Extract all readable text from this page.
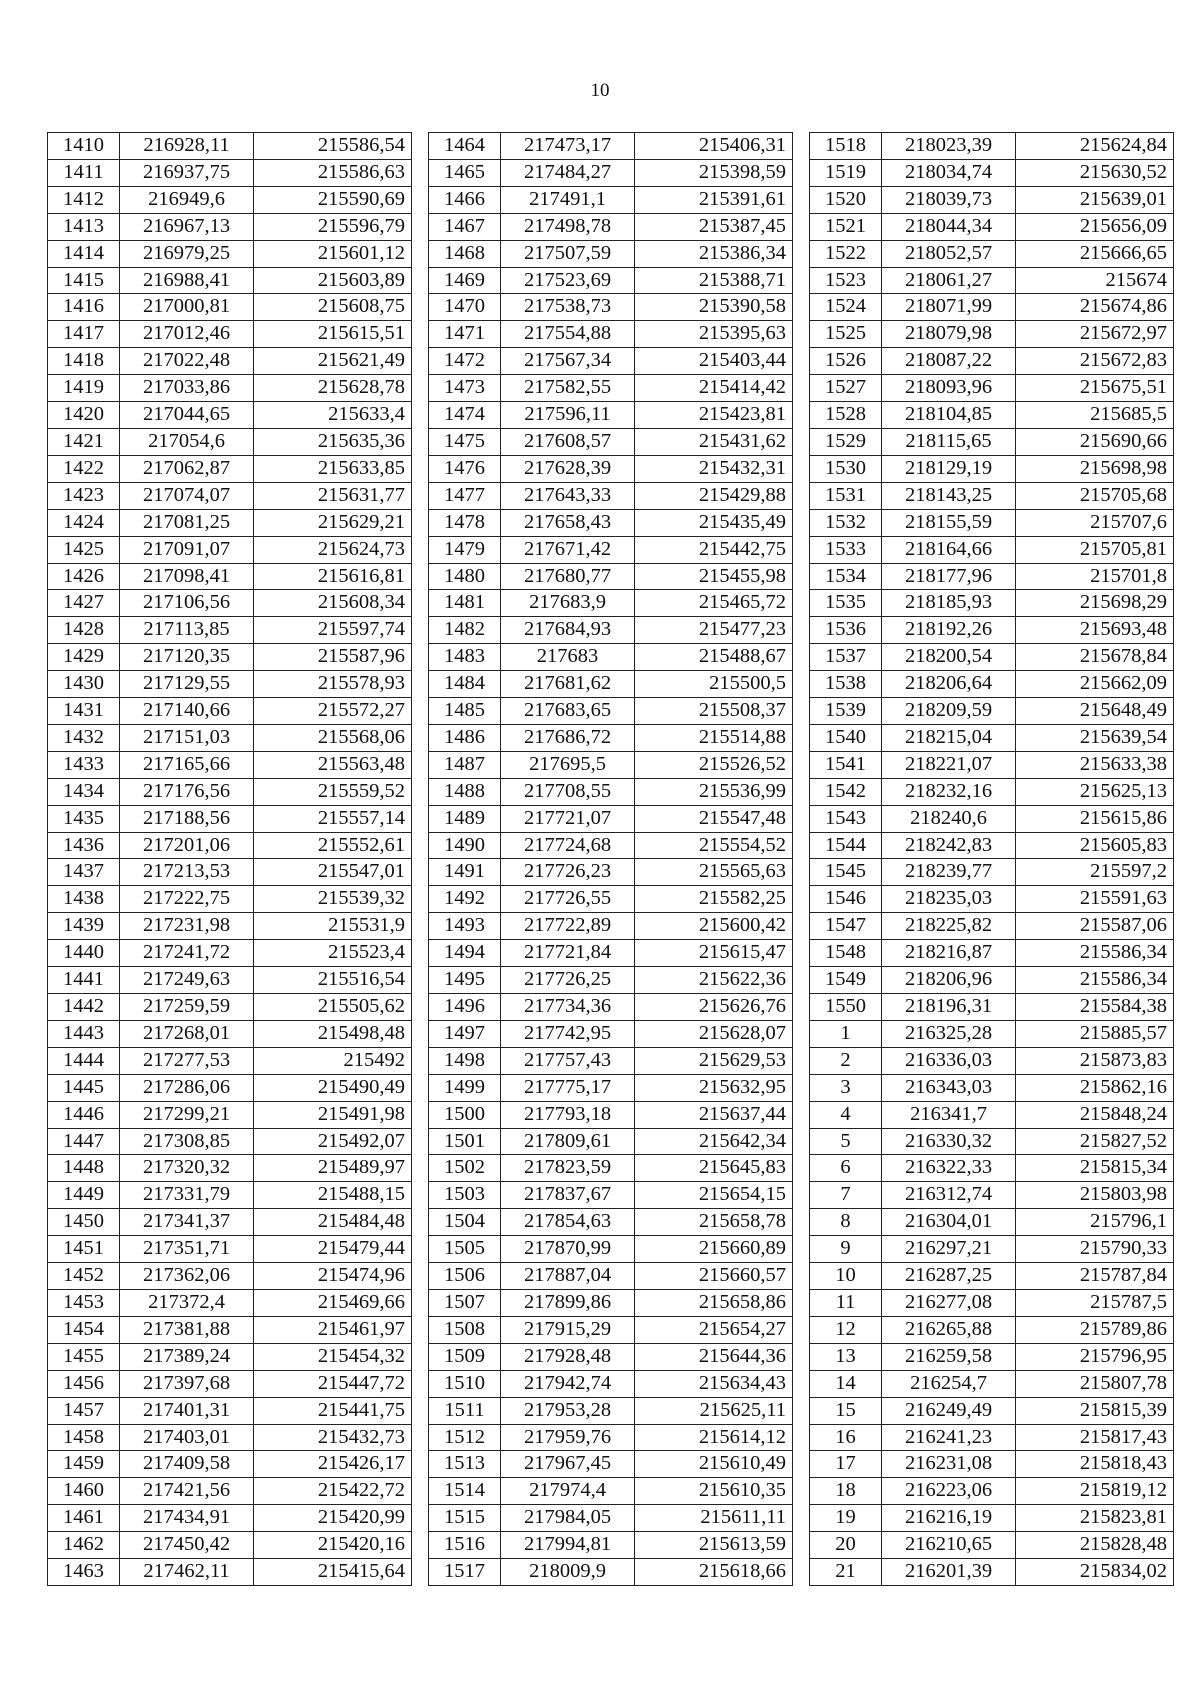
10
1410	216928,11	215586,54
1411	216937,75	215586,63
1412	216949,6	215590,69
1413	216967,13	215596,79
1414	216979,25	215601,12
1415	216988,41	215603,89
1416	217000,81	215608,75
1417	217012,46	215615,51
1418	217022,48	215621,49
1419	217033,86	215628,78
1420	217044,65	215633,4
1421	217054,6	215635,36
1422	217062,87	215633,85
1423	217074,07	215631,77
1424	217081,25	215629,21
1425	217091,07	215624,73
1426	217098,41	215616,81
1427	217106,56	215608,34
1428	217113,85	215597,74
1429	217120,35	215587,96
1430	217129,55	215578,93
1431	217140,66	215572,27
1432	217151,03	215568,06
1433	217165,66	215563,48
1434	217176,56	215559,52
1435	217188,56	215557,14
1436	217201,06	215552,61
1437	217213,53	215547,01
1438	217222,75	215539,32
1439	217231,98	215531,9
1440	217241,72	215523,4
1441	217249,63	215516,54
1442	217259,59	215505,62
1443	217268,01	215498,48
1444	217277,53	215492
1445	217286,06	215490,49
1446	217299,21	215491,98
1447	217308,85	215492,07
1448	217320,32	215489,97
1449	217331,79	215488,15
1450	217341,37	215484,48
1451	217351,71	215479,44
1452	217362,06	215474,96
1453	217372,4	215469,66
1454	217381,88	215461,97
1455	217389,24	215454,32
1456	217397,68	215447,72
1457	217401,31	215441,75
1458	217403,01	215432,73
1459	217409,58	215426,17
1460	217421,56	215422,72
1461	217434,91	215420,99
1462	217450,42	215420,16
1463	217462,11	215415,64
1464	217473,17	215406,31
1465	217484,27	215398,59
1466	217491,1	215391,61
1467	217498,78	215387,45
1468	217507,59	215386,34
1469	217523,69	215388,71
1470	217538,73	215390,58
1471	217554,88	215395,63
1472	217567,34	215403,44
1473	217582,55	215414,42
1474	217596,11	215423,81
1475	217608,57	215431,62
1476	217628,39	215432,31
1477	217643,33	215429,88
1478	217658,43	215435,49
1479	217671,42	215442,75
1480	217680,77	215455,98
1481	217683,9	215465,72
1482	217684,93	215477,23
1483	217683	215488,67
1484	217681,62	215500,5
1485	217683,65	215508,37
1486	217686,72	215514,88
1487	217695,5	215526,52
1488	217708,55	215536,99
1489	217721,07	215547,48
1490	217724,68	215554,52
1491	217726,23	215565,63
1492	217726,55	215582,25
1493	217722,89	215600,42
1494	217721,84	215615,47
1495	217726,25	215622,36
1496	217734,36	215626,76
1497	217742,95	215628,07
1498	217757,43	215629,53
1499	217775,17	215632,95
1500	217793,18	215637,44
1501	217809,61	215642,34
1502	217823,59	215645,83
1503	217837,67	215654,15
1504	217854,63	215658,78
1505	217870,99	215660,89
1506	217887,04	215660,57
1507	217899,86	215658,86
1508	217915,29	215654,27
1509	217928,48	215644,36
1510	217942,74	215634,43
1511	217953,28	215625,11
1512	217959,76	215614,12
1513	217967,45	215610,49
1514	217974,4	215610,35
1515	217984,05	215611,11
1516	217994,81	215613,59
1517	218009,9	215618,66
1518	218023,39	215624,84
1519	218034,74	215630,52
1520	218039,73	215639,01
1521	218044,34	215656,09
1522	218052,57	215666,65
1523	218061,27	215674
1524	218071,99	215674,86
1525	218079,98	215672,97
1526	218087,22	215672,83
1527	218093,96	215675,51
1528	218104,85	215685,5
1529	218115,65	215690,66
1530	218129,19	215698,98
1531	218143,25	215705,68
1532	218155,59	215707,6
1533	218164,66	215705,81
1534	218177,96	215701,8
1535	218185,93	215698,29
1536	218192,26	215693,48
1537	218200,54	215678,84
1538	218206,64	215662,09
1539	218209,59	215648,49
1540	218215,04	215639,54
1541	218221,07	215633,38
1542	218232,16	215625,13
1543	218240,6	215615,86
1544	218242,83	215605,83
1545	218239,77	215597,2
1546	218235,03	215591,63
1547	218225,82	215587,06
1548	218216,87	215586,34
1549	218206,96	215586,34
1550	218196,31	215584,38
1	216325,28	215885,57
2	216336,03	215873,83
3	216343,03	215862,16
4	216341,7	215848,24
5	216330,32	215827,52
6	216322,33	215815,34
7	216312,74	215803,98
8	216304,01	215796,1
9	216297,21	215790,33
10	216287,25	215787,84
11	216277,08	215787,5
12	216265,88	215789,86
13	216259,58	215796,95
14	216254,7	215807,78
15	216249,49	215815,39
16	216241,23	215817,43
17	216231,08	215818,43
18	216223,06	215819,12
19	216216,19	215823,81
20	216210,65	215828,48
21	216201,39	215834,02
